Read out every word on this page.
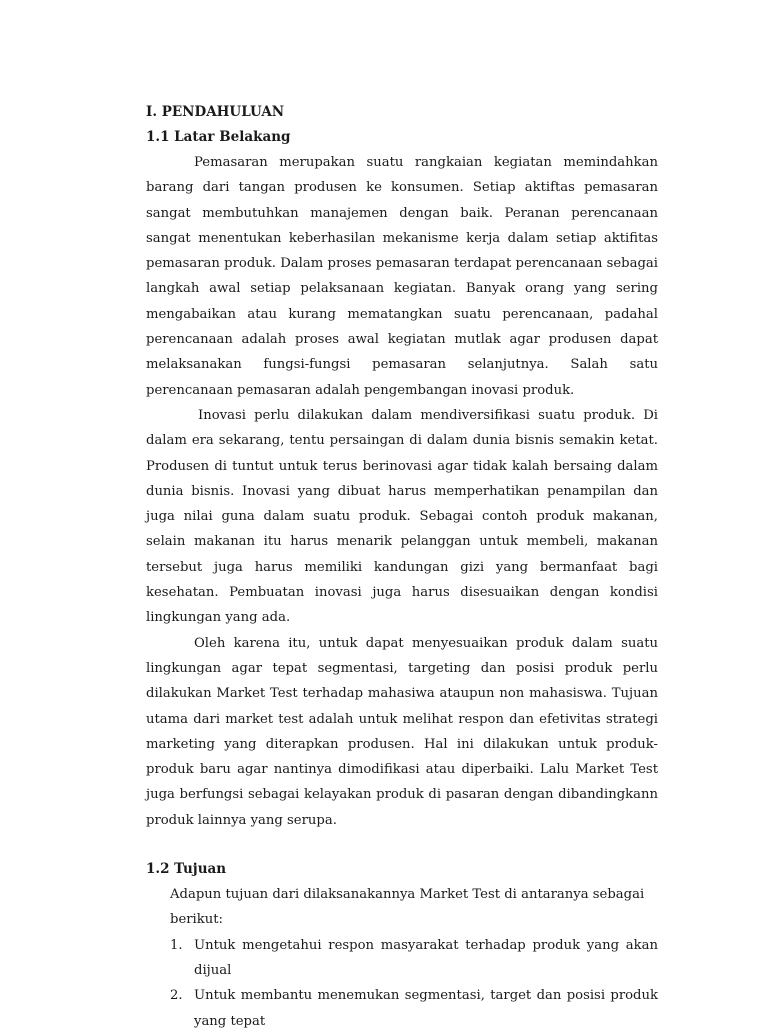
I. PENDAHULUAN

1.1 Latar Belakang

Pemasaran merupakan suatu rangkaian kegiatan memindahkan barang dari tangan produsen ke konsumen. Setiap aktiftas pemasaran sangat membutuhkan manajemen dengan baik. Peranan perencanaan sangat menentukan keberhasilan mekanisme kerja dalam setiap aktifitas pemasaran produk. Dalam proses pemasaran terdapat perencanaan sebagai langkah awal setiap pelaksanaan kegiatan. Banyak orang yang sering mengabaikan atau kurang mematangkan suatu perencanaan, padahal perencanaan adalah proses awal kegiatan mutlak agar produsen dapat melaksanakan fungsi-fungsi pemasaran selanjutnya. Salah satu perencanaan pemasaran adalah pengembangan inovasi produk.

Inovasi perlu dilakukan dalam mendiversifikasi suatu produk. Di dalam era sekarang, tentu persaingan di dalam dunia bisnis semakin ketat. Produsen di tuntut untuk terus berinovasi agar tidak kalah bersaing dalam dunia bisnis. Inovasi yang dibuat harus memperhatikan penampilan dan juga nilai guna dalam suatu produk. Sebagai contoh produk makanan, selain makanan itu harus menarik pelanggan untuk membeli, makanan tersebut juga harus memiliki kandungan gizi yang bermanfaat bagi kesehatan. Pembuatan inovasi juga harus disesuaikan dengan kondisi lingkungan yang ada.

Oleh karena itu, untuk dapat menyesuaikan produk dalam suatu lingkungan agar tepat segmentasi, targeting dan posisi produk perlu dilakukan Market Test terhadap mahasiwa ataupun non mahasiswa. Tujuan utama dari market test adalah untuk melihat respon dan efetivitas strategi marketing yang diterapkan produsen. Hal ini dilakukan untuk produk-produk baru agar nantinya dimodifikasi atau diperbaiki. Lalu Market Test juga berfungsi sebagai kelayakan produk di pasaran dengan dibandingkann produk lainnya yang serupa.

1.2 Tujuan

Adapun tujuan dari dilaksanakannya Market Test di antaranya sebagai berikut:

1. Untuk mengetahui respon masyarakat terhadap produk yang akan dijual
2. Untuk membantu menemukan segmentasi, target dan posisi produk yang tepat
